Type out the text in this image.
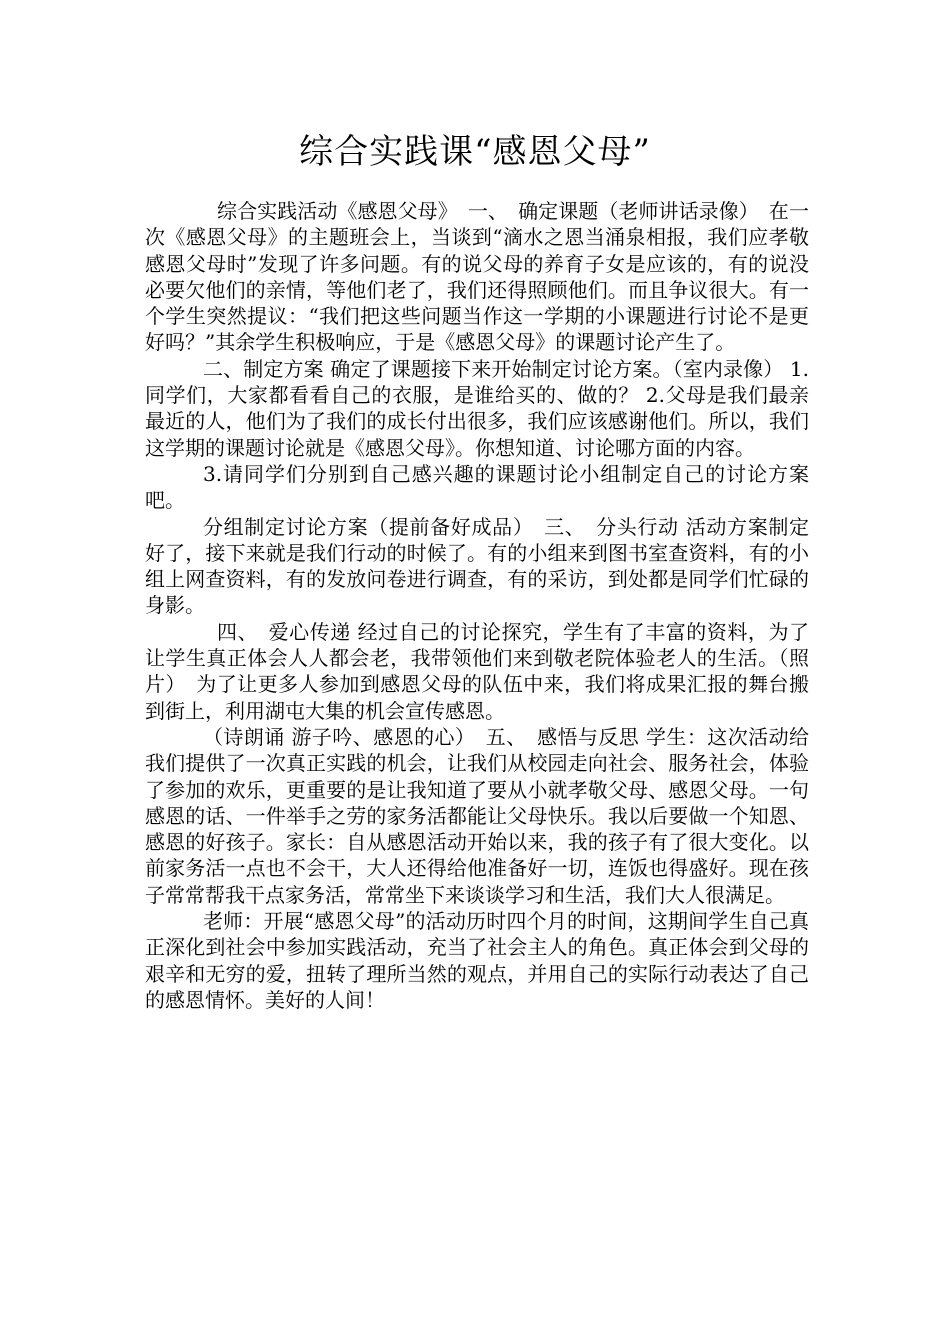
综合实践课“感恩父母”

综合实践活动《感恩父母》　一、　确定课题（老师讲话录像）　在一次《感恩父母》的主题班会上，当谈到“滴水之恩当涌泉相报，我们应孝敬感恩父母时”发现了许多问题。有的说父母的养育子女是应该的，有的说没必要欠他们的亲情，等他们老了，我们还得照顾他们。而且争议很大。有一个学生突然提议：“我们把这些问题当作这一学期的小课题进行讨论不是更好吗？”其余学生积极响应，于是《感恩父母》的课题讨论产生了。

二、制定方案 确定了课题接下来开始制定讨论方案。（室内录像） 1.同学们，大家都看看自己的衣服，是谁给买的、做的？ 2.父母是我们最亲最近的人，他们为了我们的成长付出很多，我们应该感谢他们。所以，我们这学期的课题讨论就是《感恩父母》。你想知道、讨论哪方面的内容。

3.请同学们分别到自己感兴趣的课题讨论小组制定自己的讨论方案吧。

分组制定讨论方案（提前备好成品）　三、　分头行动 活动方案制定好了，接下来就是我们行动的时候了。有的小组来到图书室查资料，有的小组上网查资料，有的发放问卷进行调查，有的采访，到处都是同学们忙碌的身影。

四、　爱心传递 经过自己的讨论探究，学生有了丰富的资料，为了让学生真正体会人人都会老，我带领他们来到敬老院体验老人的生活。（照片）　为了让更多人参加到感恩父母的队伍中来，我们将成果汇报的舞台搬到街上，利用湖屯大集的机会宣传感恩。

（诗朗诵 游子吟、感恩的心）　五、　感悟与反思 学生：这次活动给我们提供了一次真正实践的机会，让我们从校园走向社会、服务社会，体验了参加的欢乐，更重要的是让我知道了要从小就孝敬父母、感恩父母。一句感恩的话、一件举手之劳的家务活都能让父母快乐。我以后要做一个知恩、感恩的好孩子。家长：自从感恩活动开始以来，我的孩子有了很大变化。以前家务活一点也不会干，大人还得给他准备好一切，连饭也得盛好。现在孩子常常帮我干点家务活，常常坐下来谈谈学习和生活，我们大人很满足。

老师：开展“感恩父母”的活动历时四个月的时间，这期间学生自己真正深化到社会中参加实践活动，充当了社会主人的角色。真正体会到父母的艰辛和无穷的爱，扭转了理所当然的观点，并用自己的实际行动表达了自己的感恩情怀。美好的人间！
